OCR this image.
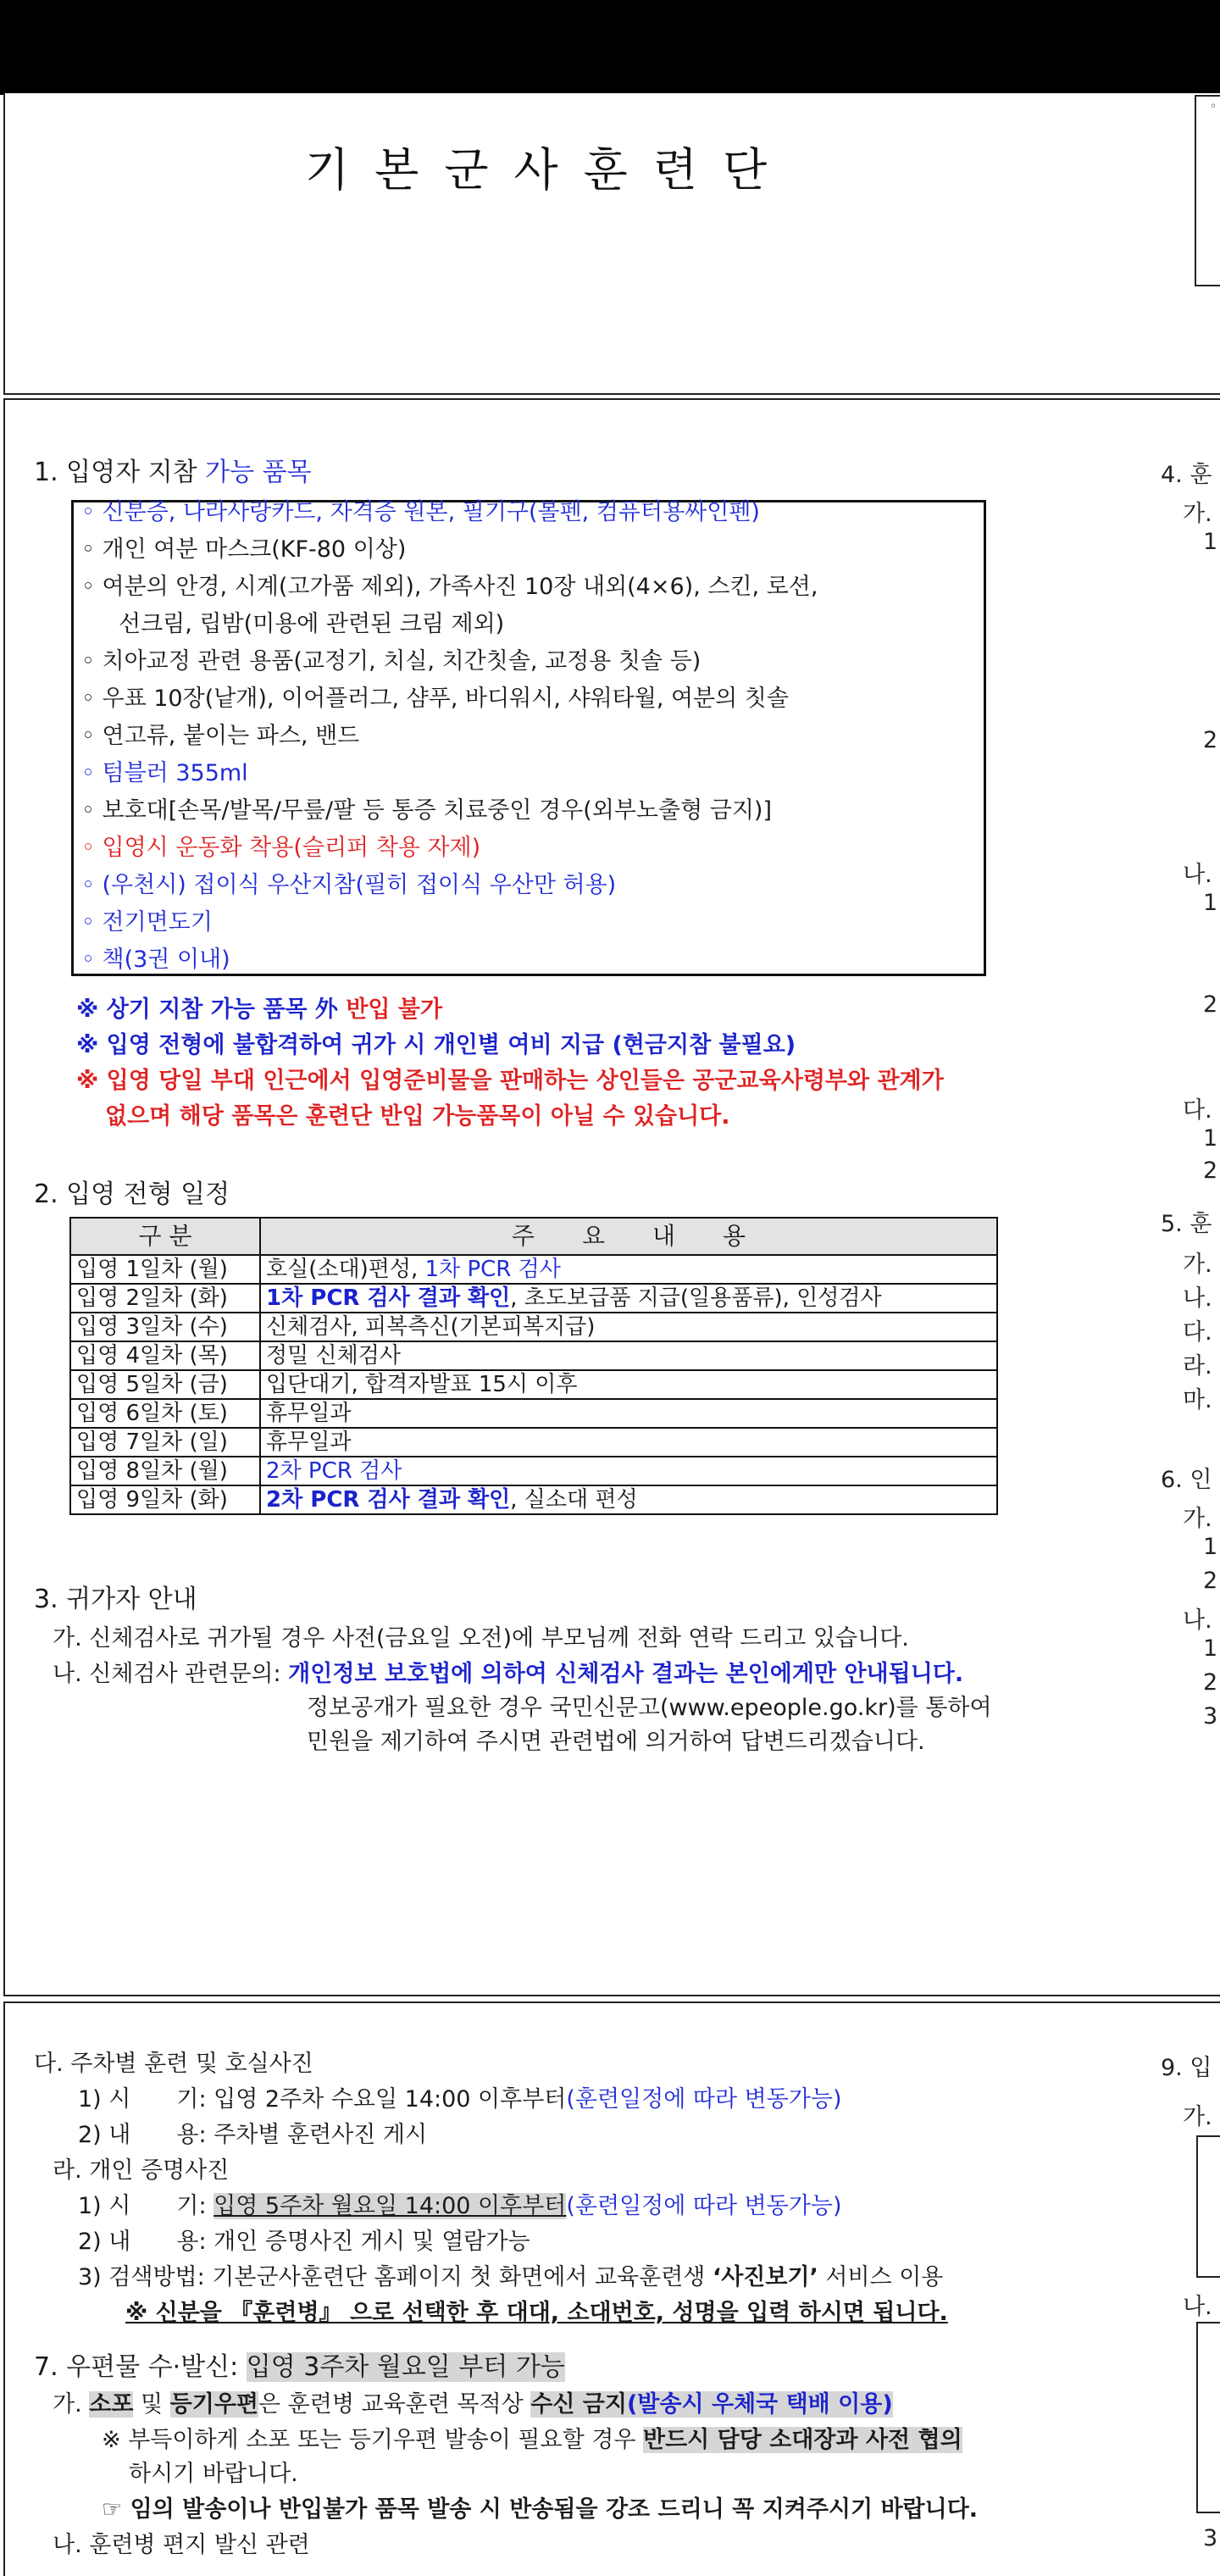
기본군사훈련단
◦
1. 입영자 지참 가능 품목
◦ 신분증, 나라사랑카드, 자격증 원본, 필기구(볼펜, 컴퓨터용싸인펜)
◦ 개인 여분 마스크(KF-80 이상)
◦ 여분의 안경, 시계(고가품 제외), 가족사진 10장 내외(4×6), 스킨, 로션,
선크림, 립밤(미용에 관련된 크림 제외)
◦ 치아교정 관련 용품(교정기, 치실, 치간칫솔, 교정용 칫솔 등)
◦ 우표 10장(낱개), 이어플러그, 샴푸, 바디워시, 샤워타월, 여분의 칫솔
◦ 연고류, 붙이는 파스, 밴드
◦ 텀블러 355ml
◦ 보호대[손목/발목/무릎/팔 등 통증 치료중인 경우(외부노출형 금지)]
◦ 입영시 운동화 착용(슬리퍼 착용 자제)
◦ (우천시) 접이식 우산지참(필히 접이식 우산만 허용)
◦ 전기면도기
◦ 책(3권 이내)
※ 상기 지참 가능 품목 外 반입 불가
※ 입영 전형에 불합격하여 귀가 시 개인별 여비 지급 (현금지참 불필요)
※ 입영 당일 부대 인근에서 입영준비물을 판매하는 상인들은 공군교육사령부와 관계가
없으며 해당 품목은 훈련단 반입 가능품목이 아닐 수 있습니다.
2. 입영 전형 일정
구 분	주　　요　　내　　용
입영 1일차 (월)	호실(소대)편성, 1차 PCR 검사
입영 2일차 (화)	1차 PCR 검사 결과 확인, 초도보급품 지급(일용품류), 인성검사
입영 3일차 (수)	신체검사, 피복측신(기본피복지급)
입영 4일차 (목)	정밀 신체검사
입영 5일차 (금)	입단대기, 합격자발표 15시 이후
입영 6일차 (토)	휴무일과
입영 7일차 (일)	휴무일과
입영 8일차 (월)	2차 PCR 검사
입영 9일차 (화)	2차 PCR 검사 결과 확인, 실소대 편성
3. 귀가자 안내
가. 신체검사로 귀가될 경우 사전(금요일 오전)에 부모님께 전화 연락 드리고 있습니다.
나. 신체검사 관련문의: 개인정보 보호법에 의하여 신체검사 결과는 본인에게만 안내됩니다.
정보공개가 필요한 경우 국민신문고(www.epeople.go.kr)를 통하여
민원을 제기하여 주시면 관련법에 의거하여 답변드리겠습니다.
4. 훈
가.
1
2
나.
1
2
다.
1
2
5. 훈
가.
나.
다.
라.
마.
6. 인
가.
1
2
나.
1
2
3
다. 주차별 훈련 및 호실사진
1) 시　　기: 입영 2주차 수요일 14:00 이후부터(훈련일정에 따라 변동가능)
2) 내　　용: 주차별 훈련사진 게시
라. 개인 증명사진
1) 시　　기: 입영 5주차 월요일 14:00 이후부터(훈련일정에 따라 변동가능)
2) 내　　용: 개인 증명사진 게시 및 열람가능
3) 검색방법: 기본군사훈련단 홈페이지 첫 화면에서 교육훈련생 ‘사진보기’ 서비스 이용
※ 신분을 『훈련병』 으로 선택한 후 대대, 소대번호, 성명을 입력 하시면 됩니다.
7. 우편물 수·발신: 입영 3주차 월요일 부터 가능
가. 소포 및 등기우편은 훈련병 교육훈련 목적상 수신 금지(발송시 우체국 택배 이용)
※ 부득이하게 소포 또는 등기우편 발송이 필요할 경우 반드시 담당 소대장과 사전 협의
하시기 바랍니다.
☞ 임의 발송이나 반입불가 품목 발송 시 반송됨을 강조 드리니 꼭 지켜주시기 바랍니다.
나. 훈련병 편지 발신 관련
9. 입
가.
나.
3
